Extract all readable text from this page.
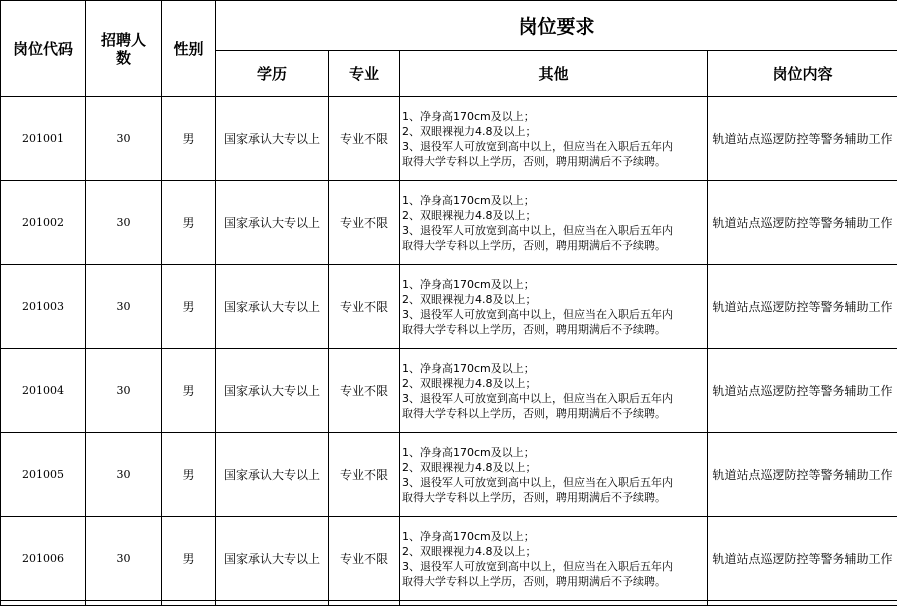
岗位代码	招聘人数	性别	岗位要求			
			学历	专业	其他	岗位内容
201001	30	男	国家承认大专以上	专业不限	1、净身高170cm及以上；
2、双眼裸视力4.8及以上；
3、退役军人可放宽到高中以上，但应当在入职后五年内
取得大学专科以上学历，否则，聘用期满后不予续聘。	轨道站点巡逻防控等警务辅助工作
201002	30	男	国家承认大专以上	专业不限	1、净身高170cm及以上；
2、双眼裸视力4.8及以上；
3、退役军人可放宽到高中以上，但应当在入职后五年内
取得大学专科以上学历，否则，聘用期满后不予续聘。	轨道站点巡逻防控等警务辅助工作
201003	30	男	国家承认大专以上	专业不限	1、净身高170cm及以上；
2、双眼裸视力4.8及以上；
3、退役军人可放宽到高中以上，但应当在入职后五年内
取得大学专科以上学历，否则，聘用期满后不予续聘。	轨道站点巡逻防控等警务辅助工作
201004	30	男	国家承认大专以上	专业不限	1、净身高170cm及以上；
2、双眼裸视力4.8及以上；
3、退役军人可放宽到高中以上，但应当在入职后五年内
取得大学专科以上学历，否则，聘用期满后不予续聘。	轨道站点巡逻防控等警务辅助工作
201005	30	男	国家承认大专以上	专业不限	1、净身高170cm及以上；
2、双眼裸视力4.8及以上；
3、退役军人可放宽到高中以上，但应当在入职后五年内
取得大学专科以上学历，否则，聘用期满后不予续聘。	轨道站点巡逻防控等警务辅助工作
201006	30	男	国家承认大专以上	专业不限	1、净身高170cm及以上；
2、双眼裸视力4.8及以上；
3、退役军人可放宽到高中以上，但应当在入职后五年内
取得大学专科以上学历，否则，聘用期满后不予续聘。	轨道站点巡逻防控等警务辅助工作
